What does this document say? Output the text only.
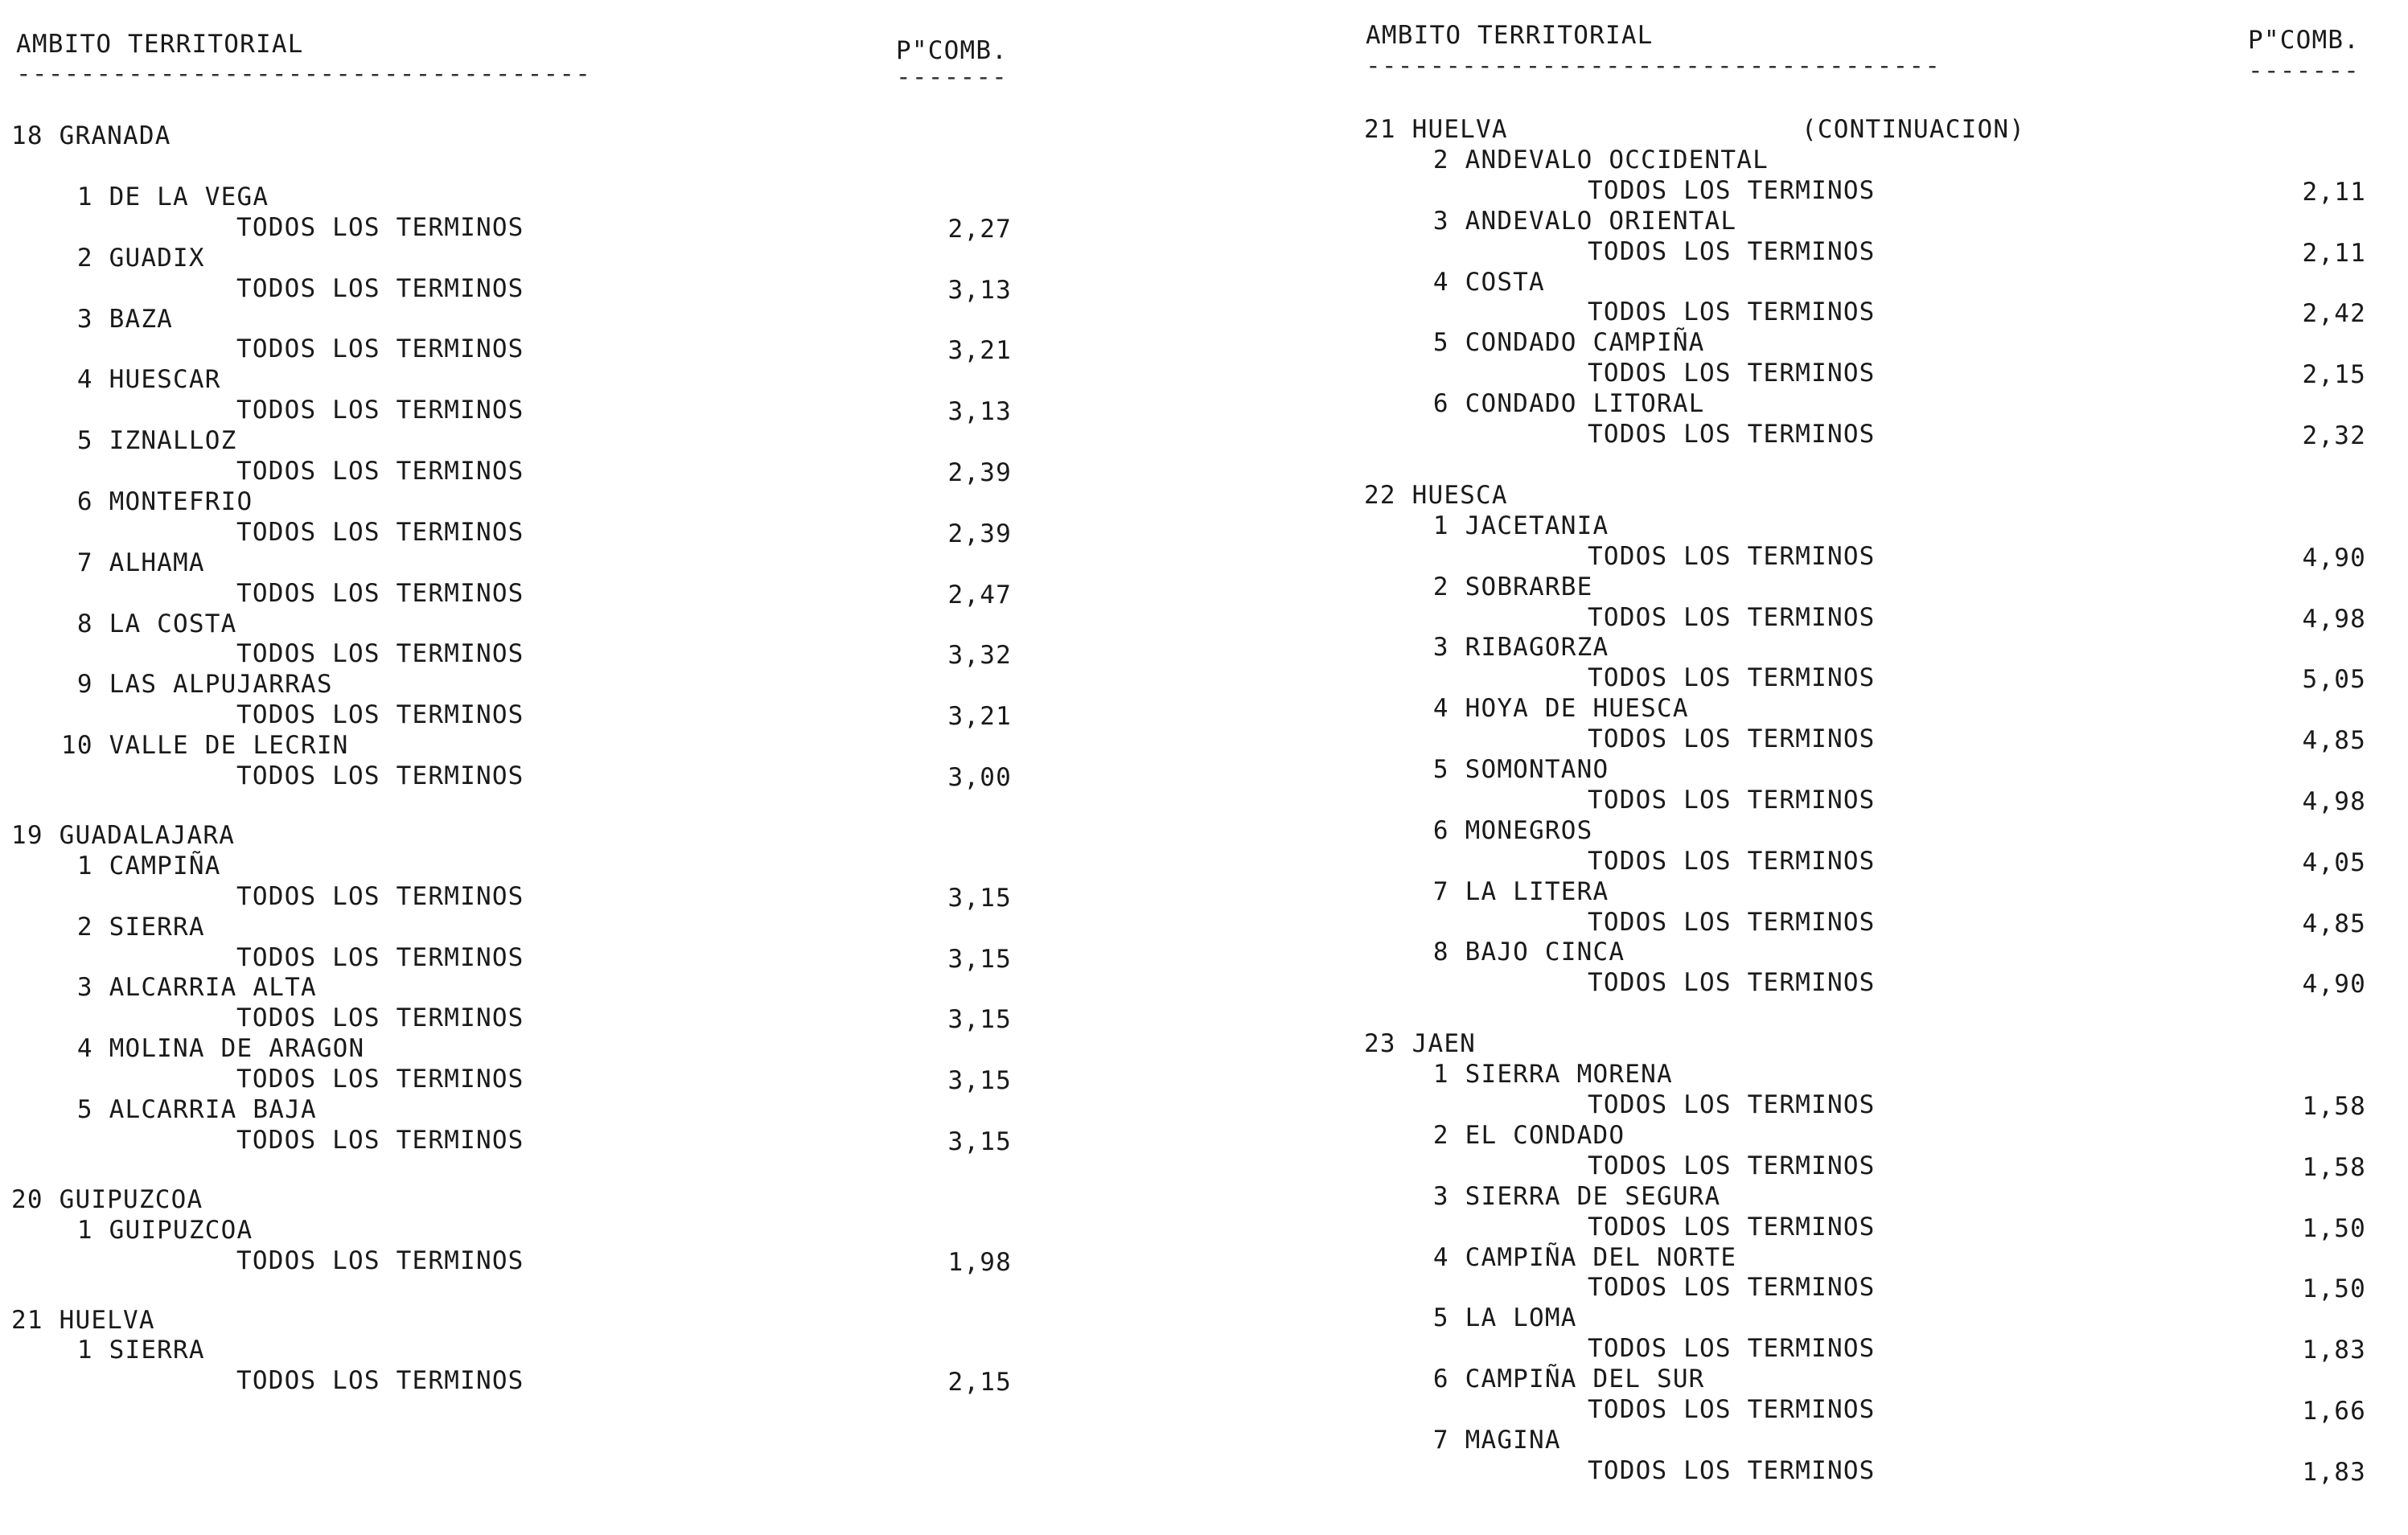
AMBITO TERRITORIAL
------------------------------------
P"COMB.
-------
18 GRANADA
1 DE LA VEGA
TODOS LOS TERMINOS	2,27
2 GUADIX
TODOS LOS TERMINOS	3,13
3 BAZA
TODOS LOS TERMINOS	3,21
4 HUESCAR
TODOS LOS TERMINOS	3,13
5 IZNALLOZ
TODOS LOS TERMINOS	2,39
6 MONTEFRIO
TODOS LOS TERMINOS	2,39
7 ALHAMA
TODOS LOS TERMINOS	2,47
8 LA COSTA
TODOS LOS TERMINOS	3,32
9 LAS ALPUJARRAS
TODOS LOS TERMINOS	3,21
10 VALLE DE LECRIN
TODOS LOS TERMINOS	3,00
19 GUADALAJARA
1 CAMPIÑA
TODOS LOS TERMINOS	3,15
2 SIERRA
TODOS LOS TERMINOS	3,15
3 ALCARRIA ALTA
TODOS LOS TERMINOS	3,15
4 MOLINA DE ARAGON
TODOS LOS TERMINOS	3,15
5 ALCARRIA BAJA
TODOS LOS TERMINOS	3,15
20 GUIPUZCOA
1 GUIPUZCOA
TODOS LOS TERMINOS	1,98
21 HUELVA
1 SIERRA
TODOS LOS TERMINOS	2,15
AMBITO TERRITORIAL
------------------------------------
P"COMB.
-------
21 HUELVA	(CONTINUACION)
2 ANDEVALO OCCIDENTAL
TODOS LOS TERMINOS	2,11
3 ANDEVALO ORIENTAL
TODOS LOS TERMINOS	2,11
4 COSTA
TODOS LOS TERMINOS	2,42
5 CONDADO CAMPIÑA
TODOS LOS TERMINOS	2,15
6 CONDADO LITORAL
TODOS LOS TERMINOS	2,32
22 HUESCA
1 JACETANIA
TODOS LOS TERMINOS	4,90
2 SOBRARBE
TODOS LOS TERMINOS	4,98
3 RIBAGORZA
TODOS LOS TERMINOS	5,05
4 HOYA DE HUESCA
TODOS LOS TERMINOS	4,85
5 SOMONTANO
TODOS LOS TERMINOS	4,98
6 MONEGROS
TODOS LOS TERMINOS	4,05
7 LA LITERA
TODOS LOS TERMINOS	4,85
8 BAJO CINCA
TODOS LOS TERMINOS	4,90
23 JAEN
1 SIERRA MORENA
TODOS LOS TERMINOS	1,58
2 EL CONDADO
TODOS LOS TERMINOS	1,58
3 SIERRA DE SEGURA
TODOS LOS TERMINOS	1,50
4 CAMPIÑA DEL NORTE
TODOS LOS TERMINOS	1,50
5 LA LOMA
TODOS LOS TERMINOS	1,83
6 CAMPIÑA DEL SUR
TODOS LOS TERMINOS	1,66
7 MAGINA
TODOS LOS TERMINOS	1,83
